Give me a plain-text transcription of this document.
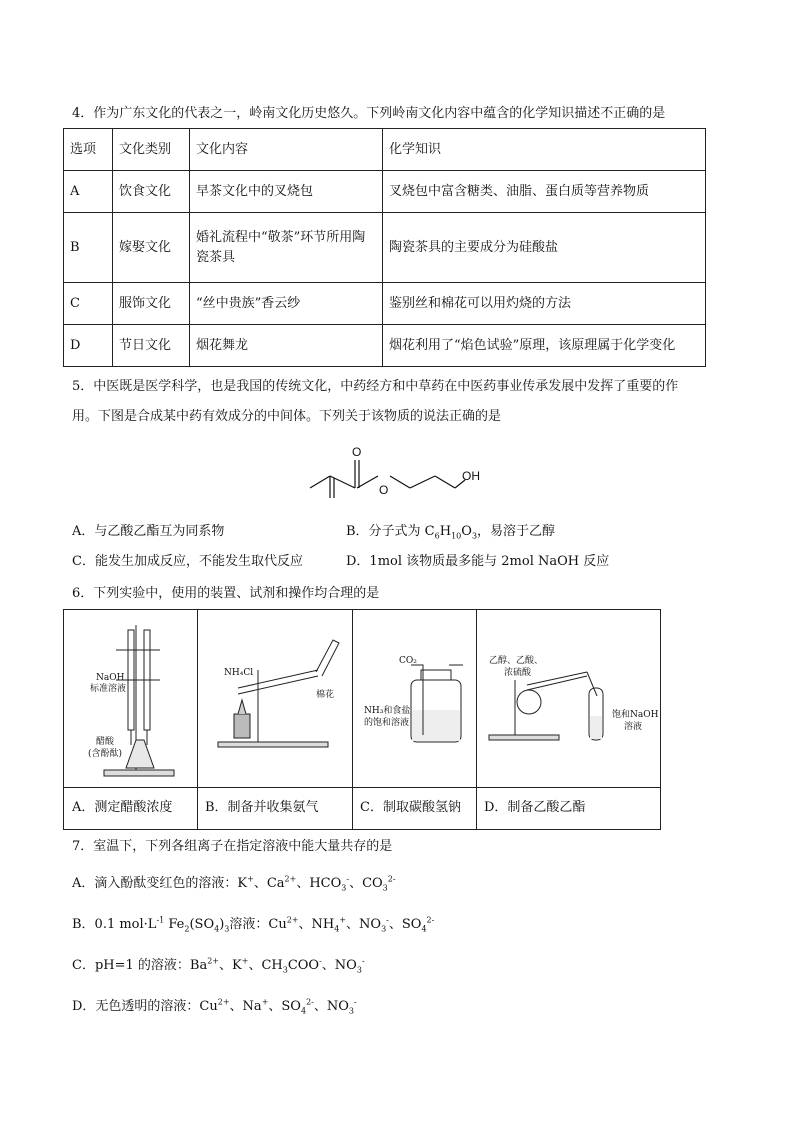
4．作为广东文化的代表之一，岭南文化历史悠久。下列岭南文化内容中蕴含的化学知识描述不正确的是
选项	文化类别	文化内容	化学知识
A	饮食文化	早茶文化中的叉烧包	叉烧包中富含糖类、油脂、蛋白质等营养物质
B	嫁娶文化	婚礼流程中“敬茶”环节所用陶瓷茶具	陶瓷茶具的主要成分为硅酸盐
C	服饰文化	“丝中贵族”香云纱	鉴别丝和棉花可以用灼烧的方法
D	节日文化	烟花舞龙	烟花利用了“焰色试验”原理，该原理属于化学变化
5．中医既是医学科学，也是我国的传统文化，中药经方和中草药在中医药事业传承发展中发挥了重要的作
用。下图是合成某中药有效成分的中间体。下列关于该物质的说法正确的是
O
O
OH
A．与乙酸乙酯互为同系物	B．分子式为 $C_6H_{10}O_3$，易溶于乙醇
C．能发生加成反应，不能发生取代反应	D．1mol 该物质最多能与 2mol NaOH 反应
6．下列实验中，使用的装置、试剂和操作均合理的是
NaOH
标准溶液
醋酸
(含酚酞)
NH₄Cl
棉花
CO₂
NH₃和食盐
的饱和溶液
乙醇、乙酸、
浓硫酸
饱和NaOH
溶液
A．测定醋酸浓度	B．制备并收集氨气	C．制取碳酸氢钠 D．制备乙酸乙酯
7．室温下，下列各组离子在指定溶液中能大量共存的是
A．滴入酚酞变红色的溶液：K+、$Ca^{2+}$、$HCO_3^-$、$CO_3^{2-}$
B．0.1 $mol\cdot L^{-1}$ $Fe_2(SO_4)_3$溶液：$Cu^{2+}$、$NH_4^+$、$NO_3^-$、$SO_4^{2-}$
C．pH=1 的溶液：$Ba^{2+}$、K+、$CH_3COO^-$、$NO_3^-$
D．无色透明的溶液：$Cu^{2+}$、Na+、$SO_4^{2-}$、$NO_3^-$
